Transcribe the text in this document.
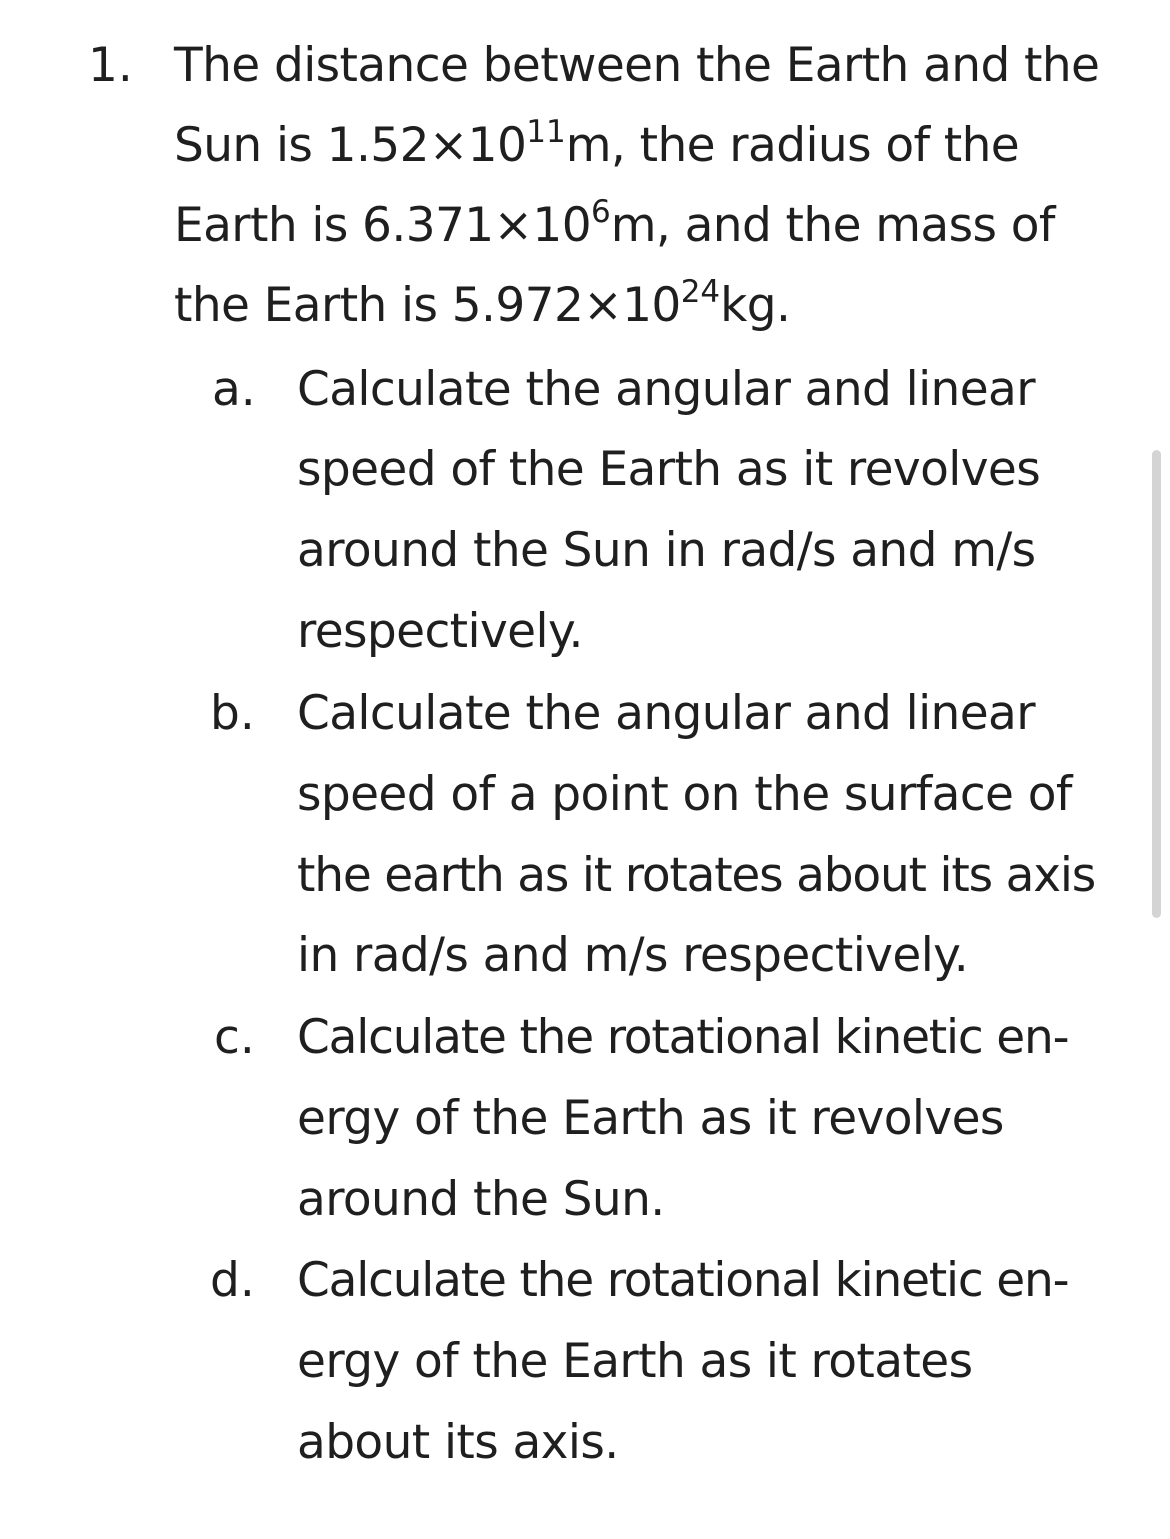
1. The distance between the Earth and the
Sun is $1.52\times 10^{11}m$, the radius of the
Earth is $6.371\times 10^6m$, and the mass of
the Earth is $5.972\times 10^{24}kg$.
a. Calculate the angular and linear
speed of the Earth as it revolves
around the Sun in rad/s and m/s
respectively.
b. Calculate the angular and linear
speed of a point on the surface of
the earth as it rotates about its axis
in rad/s and m/s respectively.
c. Calculate the rotational kinetic en-
ergy of the Earth as it revolves
around the Sun.
d. Calculate the rotational kinetic en-
ergy of the Earth as it rotates
about its axis.
